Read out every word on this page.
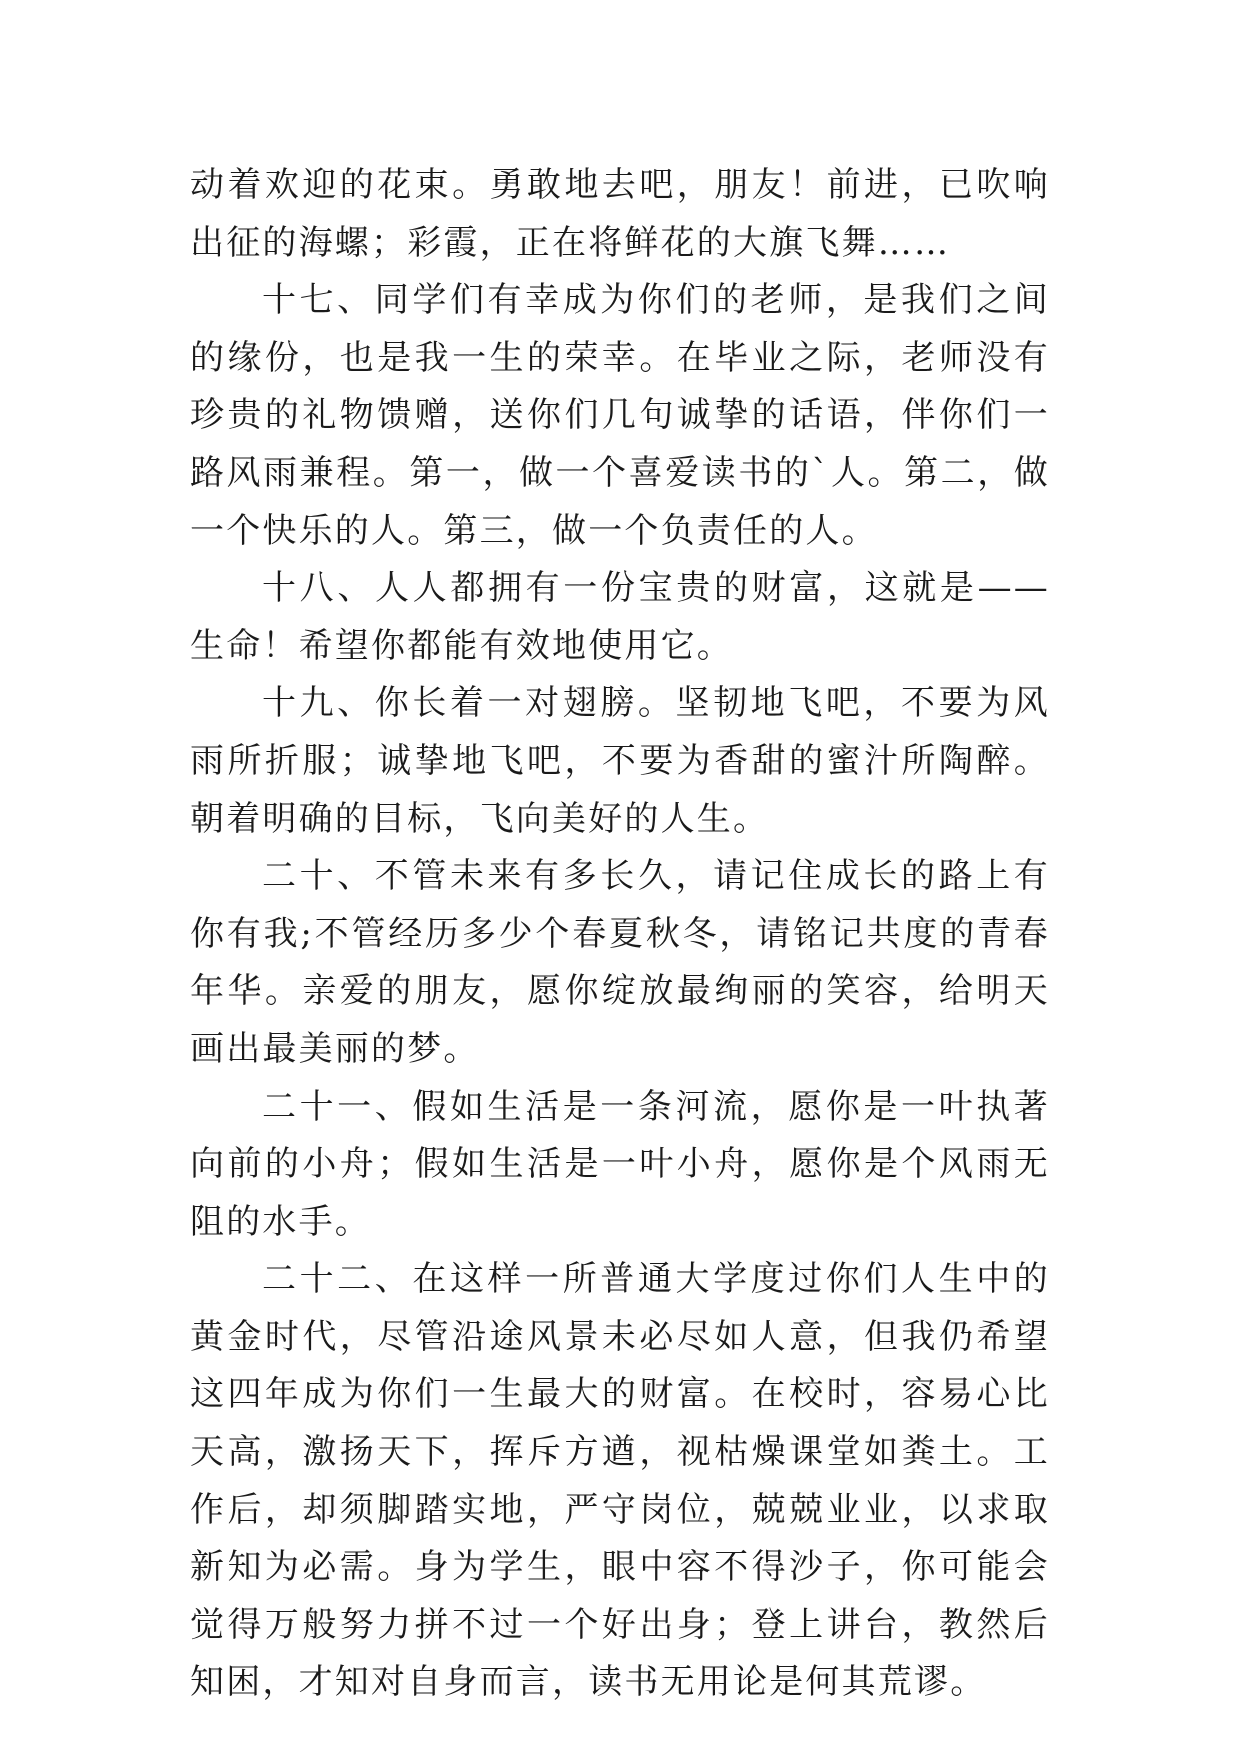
动着欢迎的花束。勇敢地去吧，朋友！前进，已吹响出征的海螺；彩霞，正在将鲜花的大旗飞舞……

十七、同学们有幸成为你们的老师，是我们之间的缘份，也是我一生的荣幸。在毕业之际，老师没有珍贵的礼物馈赠，送你们几句诚挚的话语，伴你们一路风雨兼程。第一，做一个喜爱读书的`人。第二，做一个快乐的人。第三，做一个负责任的人。

十八、人人都拥有一份宝贵的财富，这就是——生命！希望你都能有效地使用它。

十九、你长着一对翅膀。坚韧地飞吧，不要为风雨所折服；诚挚地飞吧，不要为香甜的蜜汁所陶醉。朝着明确的目标，飞向美好的人生。

二十、不管未来有多长久，请记住成长的路上有你有我;不管经历多少个春夏秋冬，请铭记共度的青春年华。亲爱的朋友，愿你绽放最绚丽的笑容，给明天画出最美丽的梦。

二十一、假如生活是一条河流，愿你是一叶执著向前的小舟；假如生活是一叶小舟，愿你是个风雨无阻的水手。

二十二、在这样一所普通大学度过你们人生中的黄金时代，尽管沿途风景未必尽如人意，但我仍希望这四年成为你们一生最大的财富。在校时，容易心比天高，激扬天下，挥斥方遒，视枯燥课堂如粪土。工作后，却须脚踏实地，严守岗位，兢兢业业，以求取新知为必需。身为学生，眼中容不得沙子，你可能会觉得万般努力拼不过一个好出身；登上讲台，教然后知困，才知对自身而言，读书无用论是何其荒谬。
